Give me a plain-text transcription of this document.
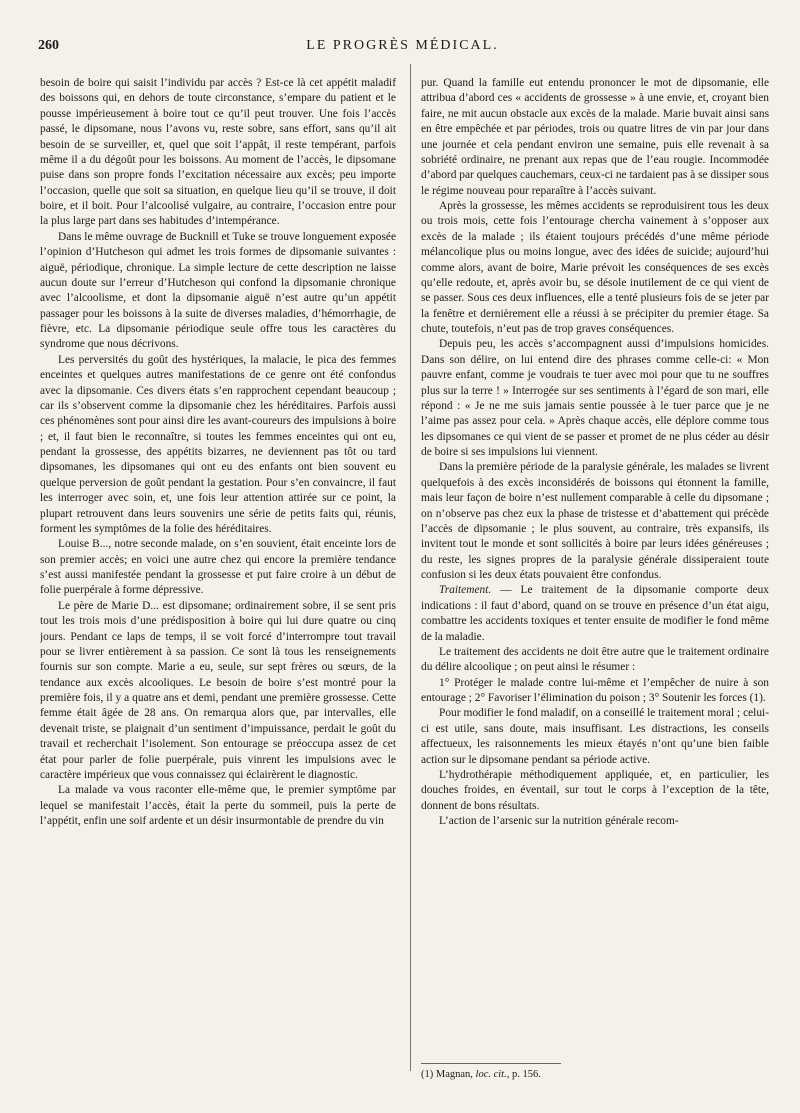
260	LE PROGRÈS MÉDICAL.

besoin de boire qui saisit l’individu par accès ? Est-ce là cet appétit maladif des boissons qui, en dehors de toute circonstance, s’empare du patient et le pousse impérieusement à boire tout ce qu’il peut trouver. Une fois l’accès passé, le dipsomane, nous l’avons vu, reste sobre, sans effort, sans qu’il ait besoin de se surveiller, et, quel que soit l’appât, il reste tempérant, parfois même il a du dégoût pour les boissons. Au moment de l’accès, le dipsomane puise dans son propre fonds l’excitation nécessaire aux excès; peu importe l’occasion, quelle que soit sa situation, en quelque lieu qu’il se trouve, il doit boire, et il boit. Pour l’alcoolisé vulgaire, au contraire, l’occasion entre pour la plus large part dans ses habitudes d’intempérance.

Dans le même ouvrage de Bucknill et Tuke se trouve longuement exposée l’opinion d’Hutcheson qui admet les trois formes de dipsomanie suivantes : aiguë, périodique, chronique. La simple lecture de cette description ne laisse aucun doute sur l’erreur d’Hutcheson qui confond la dipsomanie chronique avec l’alcoolisme, et dont la dipsomanie aiguë n’est autre qu’un appétit passager pour les boissons à la suite de diverses maladies, d’hémorrhagie, de fièvre, etc. La dipsomanie périodique seule offre tous les caractères du syndrome que nous décrivons.

Les perversités du goût des hystériques, la malacie, le pica des femmes enceintes et quelques autres manifestations de ce genre ont été confondus avec la dipsomanie. Ces divers états s’en rapprochent cependant beaucoup ; car ils s’observent comme la dipsomanie chez les héréditaires. Parfois aussi ces phénomènes sont pour ainsi dire les avant-coureurs des impulsions à boire ; et, il faut bien le reconnaître, si toutes les femmes enceintes qui ont eu, pendant la grossesse, des appétits bizarres, ne deviennent pas tôt ou tard dipsomanes, les dipsomanes qui ont eu des enfants ont bien souvent eu quelque perversion de goût pendant la gestation. Pour s’en convaincre, il faut les interroger avec soin, et, une fois leur attention attirée sur ce point, la plupart retrouvent dans leurs souvenirs une série de petits faits qui, réunis, forment les symptômes de la folie des héréditaires.

Louise B..., notre seconde malade, on s’en souvient, était enceinte lors de son premier accès; en voici une autre chez qui encore la première tendance s’est aussi manifestée pendant la grossesse et put faire croire à un début de folie puerpérale à forme dépressive.

Le père de Marie D... est dipsomane; ordinairement sobre, il se sent pris tout les trois mois d’une prédisposition à boire qui lui dure quatre ou cinq jours. Pendant ce laps de temps, il se voit forcé d’interrompre tout travail pour se livrer entièrement à sa passion. Ce sont là tous les renseignements fournis sur son compte. Marie a eu, seule, sur sept frères ou sœurs, de la tendance aux excès alcooliques. Le besoin de boire s’est montré pour la première fois, il y a quatre ans et demi, pendant une première grossesse. Cette femme était âgée de 28 ans. On remarqua alors que, par intervalles, elle devenait triste, se plaignait d’un sentiment d’impuissance, perdait le goût du travail et recherchait l’isolement. Son entourage se préoccupa assez de cet état pour parler de folie puerpérale, puis vinrent les impulsions avec le caractère impérieux que vous connaissez qui éclairèrent le diagnostic.

La malade va vous raconter elle-même que, le premier symptôme par lequel se manifestait l’accès, était la perte du sommeil, puis la perte de l’appétit, enfin une soif ardente et un désir insurmontable de prendre du vin

pur. Quand la famille eut entendu prononcer le mot de dipsomanie, elle attribua d’abord ces « accidents de grossesse » à une envie, et, croyant bien faire, ne mit aucun obstacle aux excès de la malade. Marie buvait ainsi sans en être empêchée et par périodes, trois ou quatre litres de vin par jour dans une journée et cela pendant environ une semaine, puis elle revenait à sa sobriété ordinaire, ne prenant aux repas que de l’eau rougie. Incommodée d’abord par quelques cauchemars, ceux-ci ne tardaient pas à se dissiper sous le régime nouveau pour reparaître à l’accès suivant.

Après la grossesse, les mêmes accidents se reproduisirent tous les deux ou trois mois, cette fois l’entourage chercha vainement à s’opposer aux excès de la malade ; ils étaient toujours précédés d’une même période mélancolique plus ou moins longue, avec des idées de suicide; aujourd’hui comme alors, avant de boire, Marie prévoit les conséquences de ses excès qu’elle redoute, et, après avoir bu, se désole inutilement de ce qui vient de se passer. Sous ces deux influences, elle a tenté plusieurs fois de se jeter par la fenêtre et dernièrement elle a réussi à se précipiter du premier étage. Sa chute, toutefois, n’eut pas de trop graves conséquences.

Depuis peu, les accès s’accompagnent aussi d’impulsions homicides. Dans son délire, on lui entend dire des phrases comme celle-ci: « Mon pauvre enfant, comme je voudrais te tuer avec moi pour que tu ne souffres plus sur la terre ! » Interrogée sur ses sentiments à l’égard de son mari, elle répond : « Je ne me suis jamais sentie poussée à le tuer parce que je ne l’aime pas assez pour cela. » Après chaque accès, elle déplore comme tous les dipsomanes ce qui vient de se passer et promet de ne plus céder au désir de boire si ses impulsions lui viennent.

Dans la première période de la paralysie générale, les malades se livrent quelquefois à des excès inconsidérés de boissons qui étonnent la famille, mais leur façon de boire n’est nullement comparable à celle du dipsomane ; on n’observe pas chez eux la phase de tristesse et d’abattement qui précède l’accès de dipsomanie ; le plus souvent, au contraire, très expansifs, ils invitent tout le monde et sont sollicités à boire par leurs idées généreuses ; du reste, les signes propres de la paralysie générale dissiperaient toute confusion si les deux états pouvaient être confondus.

Traitement. — Le traitement de la dipsomanie comporte deux indications : il faut d’abord, quand on se trouve en présence d’un état aigu, combattre les accidents toxiques et tenter ensuite de modifier le fond même de la maladie.

Le traitement des accidents ne doit être autre que le traitement ordinaire du délire alcoolique ; on peut ainsi le résumer :

1° Protéger le malade contre lui-même et l’empêcher de nuire à son entourage ; 2° Favoriser l’élimination du poison ; 3° Soutenir les forces (1).

Pour modifier le fond maladif, on a conseillé le traitement moral ; celui-ci est utile, sans doute, mais insuffisant. Les distractions, les conseils affectueux, les raisonnements les mieux étayés n’ont qu’une bien faible action sur le dipsomane pendant sa période active.

L’hydrothérapie méthodiquement appliquée, et, en particulier, les douches froides, en éventail, sur tout le corps à l’exception de la tête, donnent de bons résultats.

L’action de l’arsenic sur la nutrition générale recom-

(1) Magnan, loc. cit., p. 156.
